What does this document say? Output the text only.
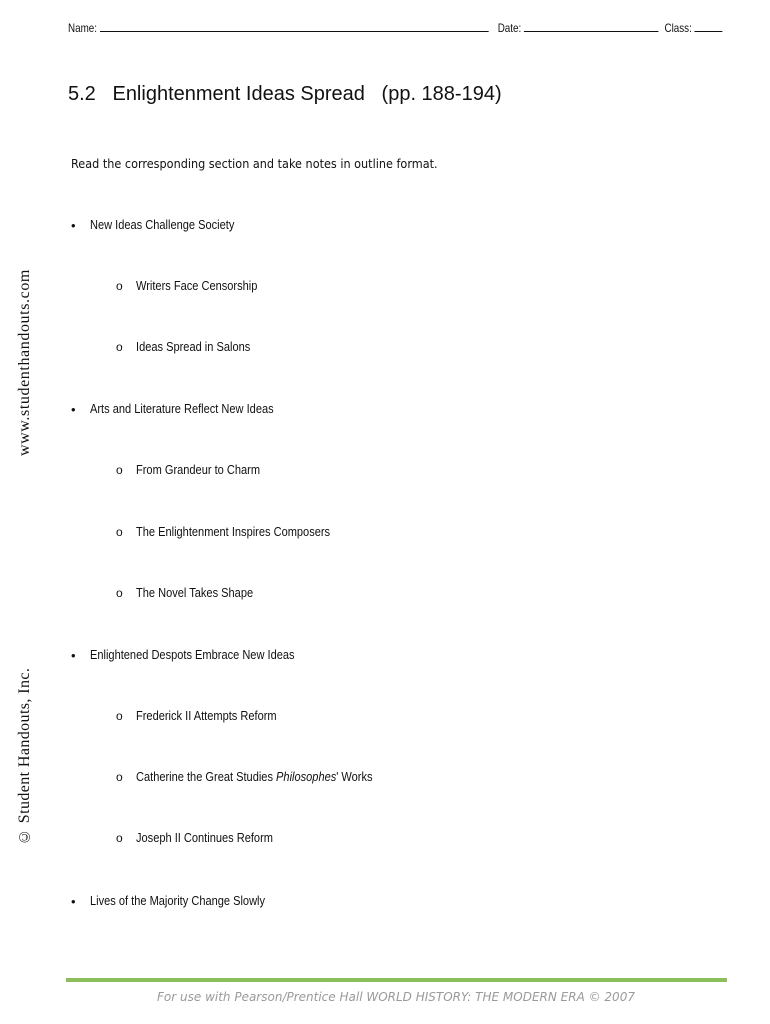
Name:	Date:	Class:
5.2   Enlightenment Ideas Spread   (pp. 188-194)

Read the corresponding section and take notes in outline format.

• New Ideas Challenge Society
o Writers Face Censorship
o Ideas Spread in Salons
• Arts and Literature Reflect New Ideas
o From Grandeur to Charm
o The Enlightenment Inspires Composers
o The Novel Takes Shape
• Enlightened Despots Embrace New Ideas
o Frederick II Attempts Reform
o Catherine the Great Studies Philosophes' Works
o Joseph II Continues Reform
• Lives of the Majority Change Slowly
www.studenthandouts.com
© Student Handouts, Inc.
For use with Pearson/Prentice Hall WORLD HISTORY: THE MODERN ERA © 2007
